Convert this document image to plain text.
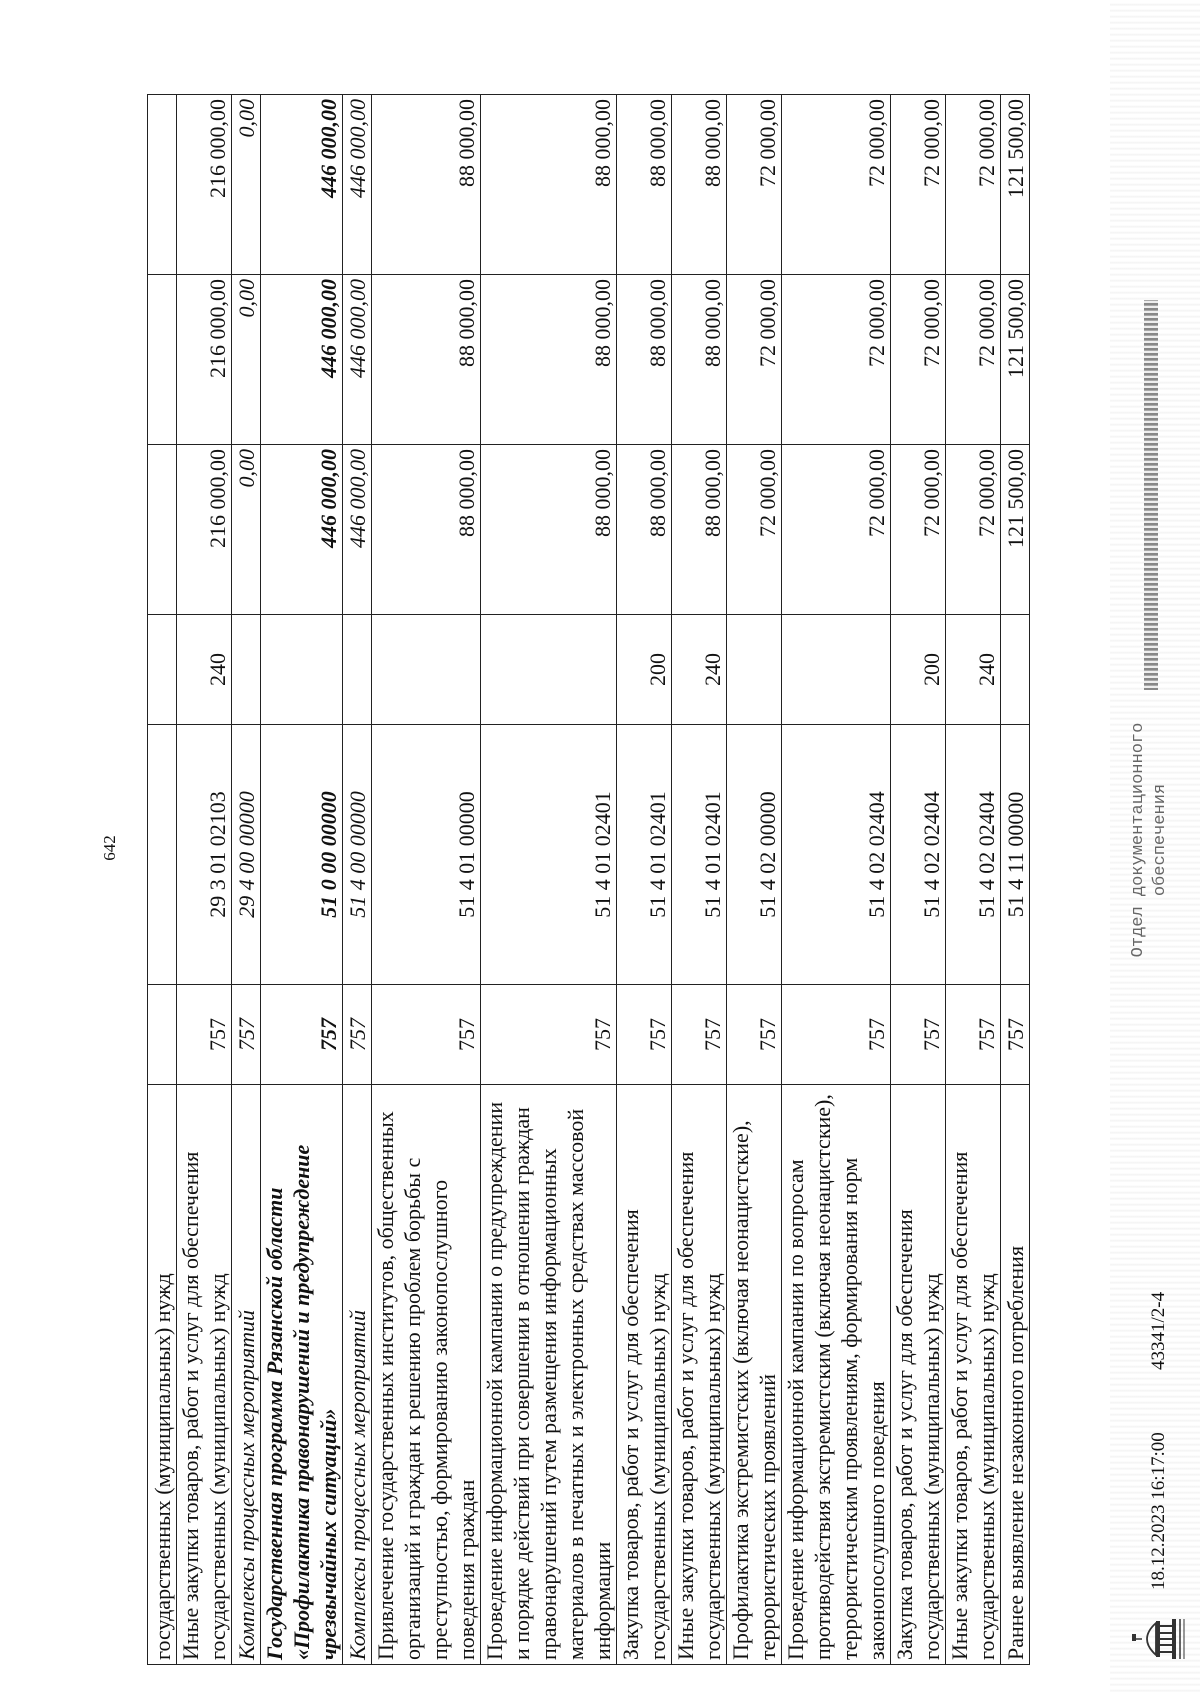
642
государственных (муниципальных) нужд						
Иные закупки товаров, работ и услуг для обеспечения государственных (муниципальных) нужд	757	29 3 01 02103	240	216 000,00	216 000,00	216 000,00
Комплексы процессных мероприятий	757	29 4 00 00000		0,00	0,00	0,00
Государственная программа Рязанской области «Профилактика правонарушений и предупреждение чрезвычайных ситуаций»	757	51 0 00 00000		446 000,00	446 000,00	446 000,00
Комплексы процессных мероприятий	757	51 4 00 00000		446 000,00	446 000,00	446 000,00
Привлечение государственных институтов, общественных организаций и граждан к решению проблем борьбы с преступностью, формированию законопослушного поведения граждан	757	51 4 01 00000		88 000,00	88 000,00	88 000,00
Проведение информационной кампании о предупреждении и порядке действий при совершении в отношении граждан правонарушений путем размещения информационных материалов в печатных и электронных средствах массовой информации	757	51 4 01 02401		88 000,00	88 000,00	88 000,00
Закупка товаров, работ и услуг для обеспечения государственных (муниципальных) нужд	757	51 4 01 02401	200	88 000,00	88 000,00	88 000,00
Иные закупки товаров, работ и услуг для обеспечения государственных (муниципальных) нужд	757	51 4 01 02401	240	88 000,00	88 000,00	88 000,00
Профилактика экстремистских (включая неонацистские), террористических проявлений	757	51 4 02 00000		72 000,00	72 000,00	72 000,00
Проведение информационной кампании по вопросам противодействия экстремистским (включая неонацистские), террористическим проявлениям, формирования норм законопослушного поведения	757	51 4 02 02404		72 000,00	72 000,00	72 000,00
Закупка товаров, работ и услуг для обеспечения государственных (муниципальных) нужд	757	51 4 02 02404	200	72 000,00	72 000,00	72 000,00
Иные закупки товаров, работ и услуг для обеспечения государственных (муниципальных) нужд	757	51 4 02 02404	240	72 000,00	72 000,00	72 000,00
Раннее выявление незаконного потребления	757	51 4 11 00000		121 500,00	121 500,00	121 500,00
18.12.2023 16:17:00
43341/2-4
Отдел документационного обеспечения
